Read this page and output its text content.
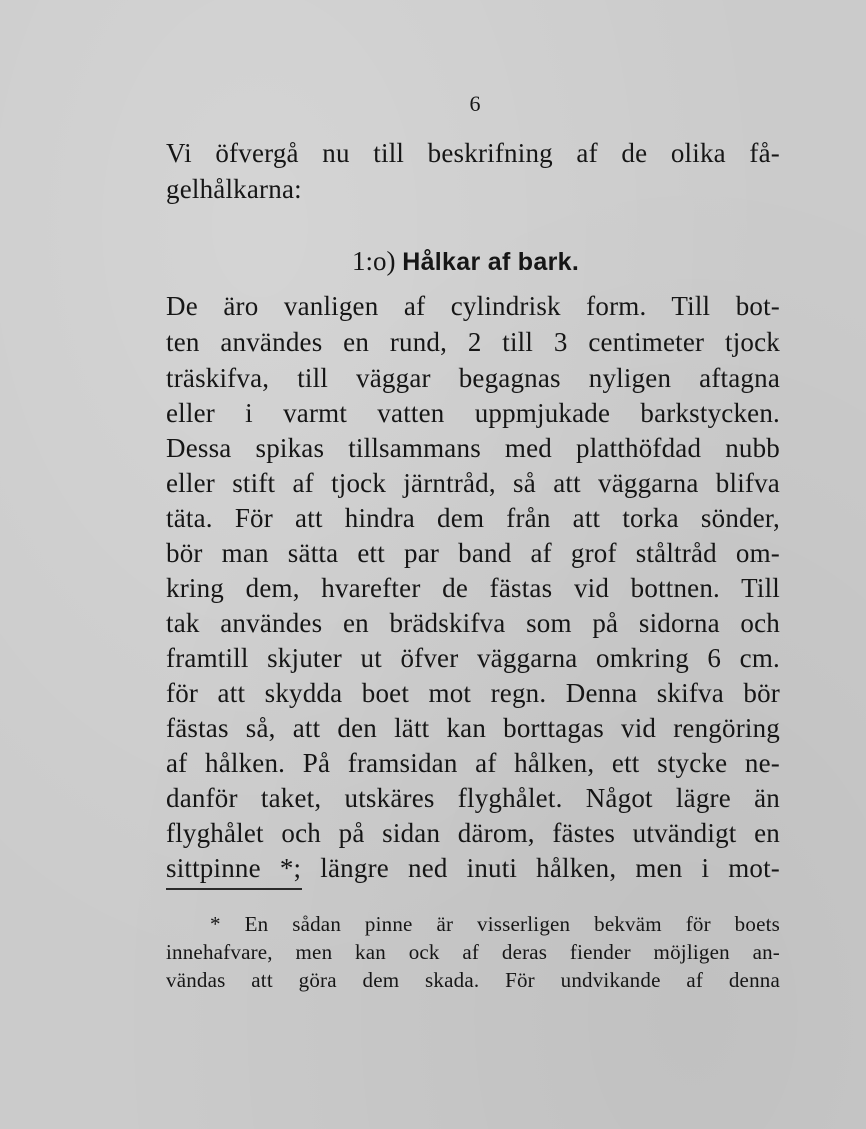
6
Vi öfvergå nu till beskrifning af de olika få-
gelhålkarna:
1:o) Hålkar af bark.
De äro vanligen af cylindrisk form. Till bot-
ten användes en rund, 2 till 3 centimeter tjock
träskifva, till väggar begagnas nyligen aftagna
eller i varmt vatten uppmjukade barkstycken.
Dessa spikas tillsammans med platthöfdad nubb
eller stift af tjock järntråd, så att väggarna blifva
täta. För att hindra dem från att torka sönder,
bör man sätta ett par band af grof ståltråd om-
kring dem, hvarefter de fästas vid bottnen. Till
tak användes en brädskifva som på sidorna och
framtill skjuter ut öfver väggarna omkring 6 cm.
för att skydda boet mot regn. Denna skifva bör
fästas så, att den lätt kan borttagas vid rengöring
af hålken. På framsidan af hålken, ett stycke ne-
danför taket, utskäres flyghålet. Något lägre än
flyghålet och på sidan därom, fästes utvändigt en
sittpinne *; längre ned inuti hålken, men i mot-
* En sådan pinne är visserligen bekväm för boets
innehafvare, men kan ock af deras fiender möjligen an-
vändas att göra dem skada. För undvikande af denna
